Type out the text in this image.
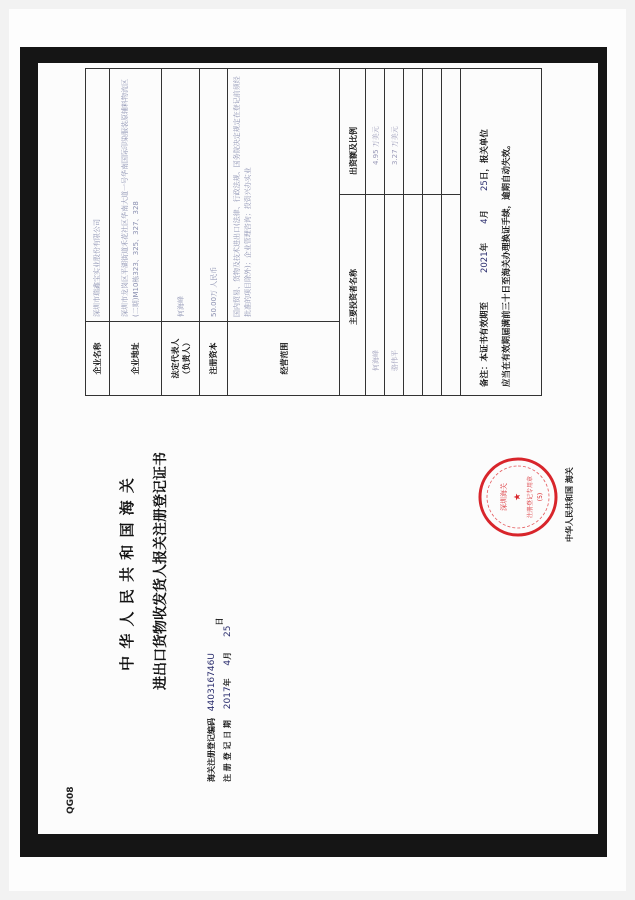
QG08
中 华 人 民 共 和 国 海 关 进出口货物收发货人报关注册登记证书
海关注册登记编码 440316746U
注 册 登 记 日 期 2017年 4月 25日
深圳海关 ★ 注册登记专用章 (5)	中华人民共和国 海关
企业名称
深圳市瑞鑫宝实业股份有限公司
企业地址
深圳市龙岗区平湖街道禾花社区华南大道一号华南国际印染服装原辅料物流区(二期)M10栋323、325、327、328
法定代表人（负责人）
何海峰
注册资本
50.00万 人民币
经营范围
国内贸易、货物及技术进出口(法律、行政法规、国务院决定规定在登记前须经批准的项目除外)；企业管理咨询；投资兴办实业	主要投资者名称
出资额及比例
何海峰
4.95 万美元
骆伟平
3.27 万美元
备注：本证书有效期至 2021年 4月 25日，报关单位 应当在有效期届满前三十日至海关办理换证手续，逾期自动失效。
